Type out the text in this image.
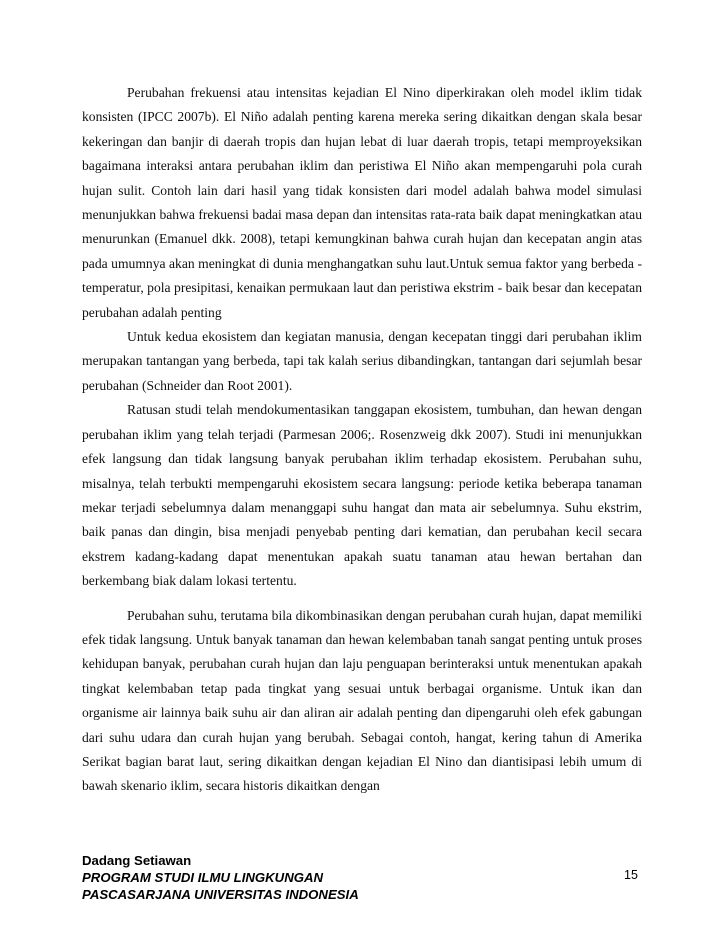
Perubahan frekuensi atau intensitas kejadian El Nino diperkirakan oleh model iklim tidak konsisten (IPCC 2007b). El Niño adalah penting karena mereka sering dikaitkan dengan skala besar kekeringan dan banjir di daerah tropis dan hujan lebat di luar daerah tropis, tetapi memproyeksikan bagaimana interaksi antara perubahan iklim dan peristiwa El Niño akan mempengaruhi pola curah hujan sulit. Contoh lain dari hasil yang tidak konsisten dari model adalah bahwa model simulasi menunjukkan bahwa frekuensi badai masa depan dan intensitas rata-rata baik dapat meningkatkan atau menurunkan (Emanuel dkk. 2008), tetapi kemungkinan bahwa curah hujan dan kecepatan angin atas pada umumnya akan meningkat di dunia menghangatkan suhu laut.Untuk semua faktor yang berbeda - temperatur, pola presipitasi, kenaikan permukaan laut dan peristiwa ekstrim - baik besar dan kecepatan perubahan adalah penting

Untuk kedua ekosistem dan kegiatan manusia, dengan kecepatan tinggi dari perubahan iklim merupakan tantangan yang berbeda, tapi tak kalah serius dibandingkan, tantangan dari sejumlah besar perubahan (Schneider dan Root 2001).

Ratusan studi telah mendokumentasikan tanggapan ekosistem, tumbuhan, dan hewan dengan perubahan iklim yang telah terjadi (Parmesan 2006;. Rosenzweig dkk 2007). Studi ini menunjukkan efek langsung dan tidak langsung banyak perubahan iklim terhadap ekosistem. Perubahan suhu, misalnya, telah terbukti mempengaruhi ekosistem secara langsung: periode ketika beberapa tanaman mekar terjadi sebelumnya dalam menanggapi suhu hangat dan mata air sebelumnya. Suhu ekstrim, baik panas dan dingin, bisa menjadi penyebab penting dari kematian, dan perubahan kecil secara ekstrem kadang-kadang dapat menentukan apakah suatu tanaman atau hewan bertahan dan berkembang biak dalam lokasi tertentu.

Perubahan suhu, terutama bila dikombinasikan dengan perubahan curah hujan, dapat memiliki efek tidak langsung. Untuk banyak tanaman dan hewan kelembaban tanah sangat penting untuk proses kehidupan banyak, perubahan curah hujan dan laju penguapan berinteraksi untuk menentukan apakah tingkat kelembaban tetap pada tingkat yang sesuai untuk berbagai organisme. Untuk ikan dan organisme air lainnya baik suhu air dan aliran air adalah penting dan dipengaruhi oleh efek gabungan dari suhu udara dan curah hujan yang berubah. Sebagai contoh, hangat, kering tahun di Amerika Serikat bagian barat laut, sering dikaitkan dengan kejadian El Nino dan diantisipasi lebih umum di bawah skenario iklim, secara historis dikaitkan dengan

Dadang Setiawan
PROGRAM STUDI ILMU LINGKUNGAN
PASCASARJANA UNIVERSITAS INDONESIA
15
